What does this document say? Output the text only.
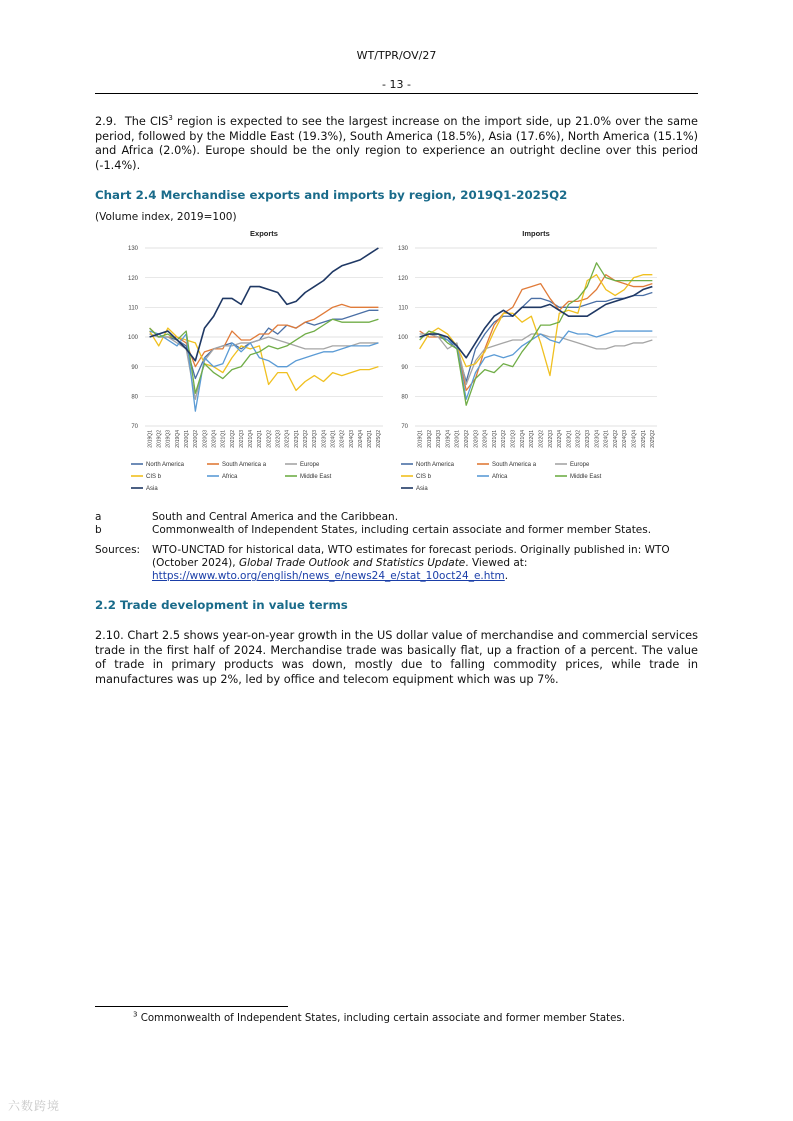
WT/TPR/OV/27
- 13 -

2.9. The CIS$^3$ region is expected to see the largest increase on the import side, up 21.0% over the same period, followed by the Middle East (19.3%), South America (18.5%), Asia (17.6%), North America (15.1%) and Africa (2.0%). Europe should be the only region to experience an outright decline over this period (-1.4%).

Chart 2.4 Merchandise exports and imports by region, 2019Q1-2025Q2

(Volume index, 2019=100)

Exports
70
80
90
100
110
120
130
2019Q1 2019Q2 2019Q3 2019Q4 2020Q1 2020Q2 2020Q3 2020Q4 2021Q1 2021Q2 2021Q3 2021Q4 2022Q1 2022Q2 2022Q3 2022Q4 2023Q1 2023Q2 2023Q3 2023Q4 2024Q1 2024Q2 2024Q3 2024Q4 2025Q1 2025Q2
North America	South America a	Europe
CIS b	Africa	Middle East
Asia
Imports
70
80
90
100
110
120
130
2019Q1 2019Q2 2019Q3 2019Q4 2020Q1 2020Q2 2020Q3 2020Q4 2021Q1 2021Q2 2021Q3 2021Q4 2022Q1 2022Q2 2022Q3 2022Q4 2023Q1 2023Q2 2023Q3 2023Q4 2024Q1 2024Q2 2024Q3 2024Q4 2025Q1 2025Q2
North America	South America a	Europe
CIS b	Africa	Middle East
Asia
a	South and Central America and the Caribbean.
b	Commonwealth of Independent States, including certain associate and former member States.
Sources: WTO-UNCTAD for historical data, WTO estimates for forecast periods. Originally published in: WTO
(October 2024), Global Trade Outlook and Statistics Update. Viewed at:
https://www.wto.org/english/news_e/news24_e/stat_10oct24_e.htm.

2.2 Trade development in value terms

2.10. Chart 2.5 shows year-on-year growth in the US dollar value of merchandise and commercial services trade in the first half of 2024. Merchandise trade was basically flat, up a fraction of a percent. The value of trade in primary products was down, mostly due to falling commodity prices, while trade in manufactures was up 2%, led by office and telecom equipment which was up 7%.

$^3$ Commonwealth of Independent States, including certain associate and former member States.
六数跨境
